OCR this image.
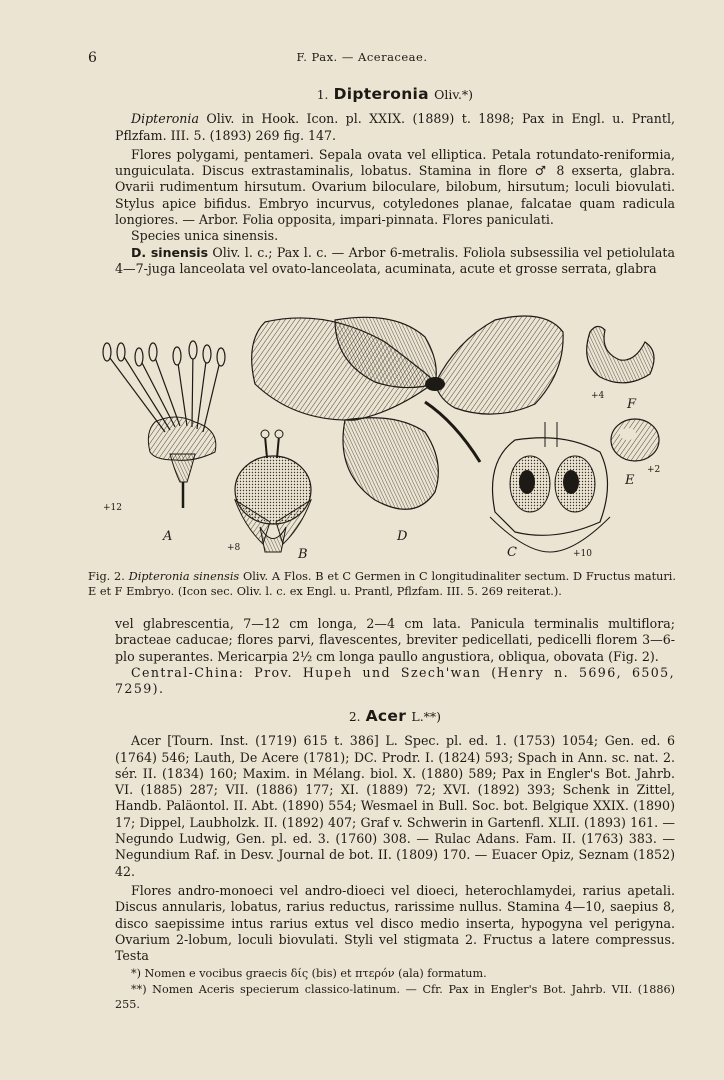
6	F. Pax. — Aceraceae.
1. Dipteronia Oliv.*)

Dipteronia Oliv. in Hook. Icon. pl. XXIX. (1889) t. 1898; Pax in Engl. u. Prantl, Pflzfam. III. 5. (1893) 269 fig. 147.

Flores polygami, pentameri. Sepala ovata vel elliptica. Petala rotundato-reniformia, unguiculata. Discus extrastaminalis, lobatus. Stamina in flore ♂ 8 exserta, glabra. Ovarii rudimentum hirsutum. Ovarium biloculare, bilobum, hirsutum; loculi biovulati. Stylus apice bifidus. Embryo incurvus, cotyledones planae, falcatae quam radicula longiores. — Arbor. Folia opposita, impari-pinnata. Flores paniculati.

Species unica sinensis.

D. sinensis Oliv. l. c.; Pax l. c. — Arbor 6-metralis. Foliola subsessilia vel petiolulata 4—7-juga lanceolata vel ovato-lanceolata, acuminata, acute et grosse serrata, glabra

+12
A
+8	B
D
C	+10
+4
F
+2
E
Fig. 2. Dipteronia sinensis Oliv. A Flos. B et C Germen in C longitudinaliter sectum. D Fructus maturi. E et F Embryo. (Icon sec. Oliv. l. c. ex Engl. u. Prantl, Pflzfam. III. 5. 269 reiterat.).

vel glabrescentia, 7—12 cm longa, 2—4 cm lata. Panicula terminalis multiflora; bracteae caducae; flores parvi, flavescentes, breviter pedicellati, pedicelli florem 3—6-plo superantes. Mericarpia 2½ cm longa paullo angustiora, obliqua, obovata (Fig. 2).

Central-China: Prov. Hupeh und Szech'wan (Henry n. 5696, 6505, 7259).

2. Acer L.**)

Acer [Tourn. Inst. (1719) 615 t. 386] L. Spec. pl. ed. 1. (1753) 1054; Gen. ed. 6 (1764) 546; Lauth, De Acere (1781); DC. Prodr. I. (1824) 593; Spach in Ann. sc. nat. 2. sér. II. (1834) 160; Maxim. in Mélang. biol. X. (1880) 589; Pax in Engler's Bot. Jahrb. VI. (1885) 287; VII. (1886) 177; XI. (1889) 72; XVI. (1892) 393; Schenk in Zittel, Handb. Paläontol. II. Abt. (1890) 554; Wesmael in Bull. Soc. bot. Belgique XXIX. (1890) 17; Dippel, Laubholzk. II. (1892) 407; Graf v. Schwerin in Gartenfl. XLII. (1893) 161. — Negundo Ludwig, Gen. pl. ed. 3. (1760) 308. — Rulac Adans. Fam. II. (1763) 383. — Negundium Raf. in Desv. Journal de bot. II. (1809) 170. — Euacer Opiz, Seznam (1852) 42.

Flores andro-monoeci vel andro-dioeci vel dioeci, heterochlamydei, rarius apetali. Discus annularis, lobatus, rarius reductus, rarissime nullus. Stamina 4—10, saepius 8, disco saepissime intus rarius extus vel disco medio inserta, hypogyna vel perigyna. Ovarium 2-lobum, loculi biovulati. Styli vel stigmata 2. Fructus a latere compressus. Testa

*) Nomen e vocibus graecis δίς (bis) et πτερόν (ala) formatum.

**) Nomen Aceris specierum classico-latinum. — Cfr. Pax in Engler's Bot. Jahrb. VII. (1886) 255.
